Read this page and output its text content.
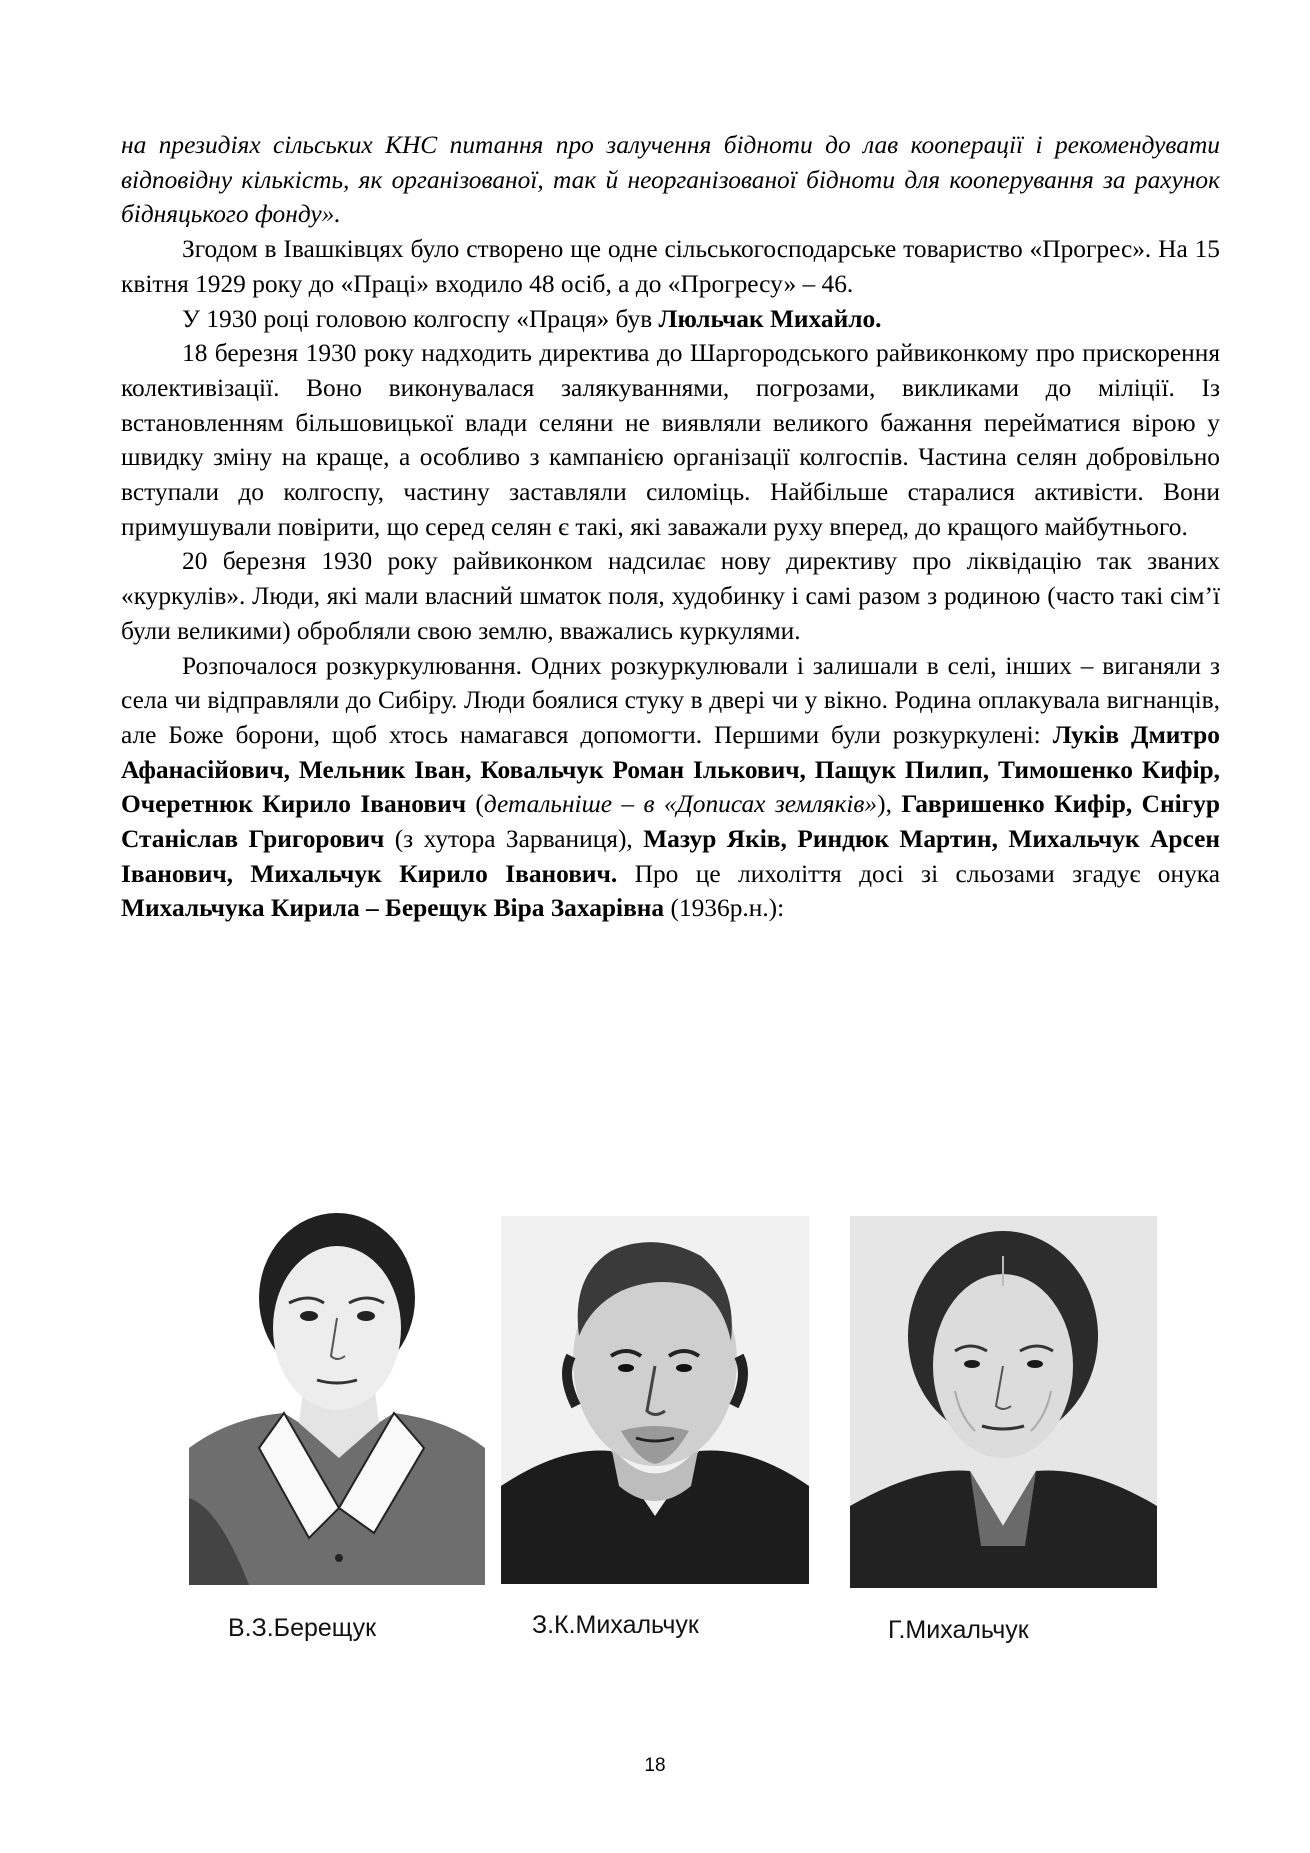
на президіях сільських КНС питання про залучення бідноти до лав кооперації і рекомендувати відповідну кількість, як організованої, так й неорганізованої бідноти для кооперування за рахунок бідняцького фонду».

Згодом в Івашківцях було створено ще одне сільськогосподарське товариство «Прогрес». На 15 квітня 1929 року до «Праці» входило 48 осіб, а до «Прогресу» – 46.

У 1930 році головою колгоспу «Праця» був Люльчак Михайло.

18 березня 1930 року надходить директива до Шаргородського райвиконкому про прискорення колективізації. Воно виконувалася залякуваннями, погрозами, викликами до міліції. Із встановленням більшовицької влади селяни не виявляли великого бажання перейматися вірою у швидку зміну на краще, а особливо з кампанією організації колгоспів. Частина селян добровільно вступали до колгоспу, частину заставляли силоміць. Найбільше старалися активісти. Вони примушували повірити, що серед селян є такі, які заважали руху вперед, до кращого майбутнього.

20 березня 1930 року райвиконком надсилає нову директиву про ліквідацію так званих «куркулів». Люди, які мали власний шматок поля, худобинку і самі разом з родиною (часто такі сім’ї були великими) обробляли свою землю, вважались куркулями.

Розпочалося розкуркулювання. Одних розкуркулювали і залишали в селі, інших – виганяли з села чи відправляли до Сибіру. Люди боялися стуку в двері чи у вікно. Родина оплакувала вигнанців, але Боже борони, щоб хтось намагався допомогти. Першими були розкуркулені: Луків Дмитро Афанасійович, Мельник Іван, Ковальчук Роман Ількович, Пащук Пилип, Тимошенко Кифір, Очеретнюк Кирило Іванович (детальніше – в «Дописах земляків»), Гавришенко Кифір, Снігур Станіслав Григорович (з хутора Зарваниця), Мазур Яків, Риндюк Мартин, Михальчук Арсен Іванович, Михальчук Кирило Іванович. Про це лихоліття досі зі сльозами згадує онука Михальчука Кирила – Берещук Віра Захарівна (1936р.н.):

В.З.Берещук	З.К.Михальчук	Г.Михальчук
18
